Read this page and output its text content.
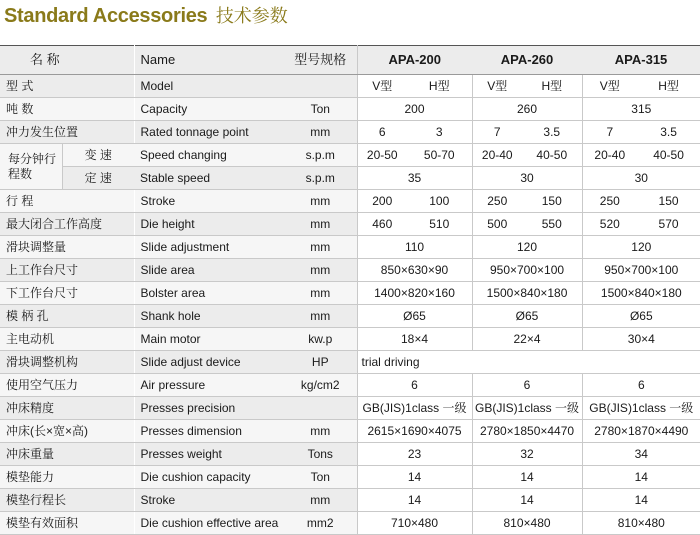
Standard Accessories 技术参数
名 称		Name	型号规格	APA-200		APA-260		APA-315	
型 式		Model		V型	H型	V型	H型	V型	H型
吨 数		Capacity	Ton	200		260		315	
冲力发生位置		Rated tonnage point	mm	6	3	7	3.5	7	3.5
每分钟行程数	变 速	Speed changing	s.p.m	20-50	50-70	20-40	40-50	20-40	40-50
	定 速	Stable speed	s.p.m	35		30		30	
行 程		Stroke	mm	200	100	250	150	250	150
最大闭合工作高度		Die height	mm	460	510	500	550	520	570
滑块调整量		Slide adjustment	mm	110		120		120	
上工作台尺寸		Slide area	mm	850×630×90		950×700×100		950×700×100	
下工作台尺寸		Bolster area	mm	1400×820×160		1500×840×180		1500×840×180	
模 柄 孔		Shank hole	mm	Ø65		Ø65		Ø65	
主电动机		Main motor	kw.p	18×4		22×4		30×4	
滑块调整机构		Slide adjust device	HP	trial driving					
使用空气压力		Air pressure	kg/cm2	6		6		6	
冲床精度		Presses precision		GB(JIS)1class 一级		GB(JIS)1class 一级		GB(JIS)1class 一级	
冲床(长×宽×高)		Presses dimension	mm	2615×1690×4075		2780×1850×4470		2780×1870×4490	
冲床重量		Presses weight	Tons	23		32		34	
模垫能力		Die cushion capacity	Ton	14		14		14	
模垫行程长		Stroke	mm	14		14		14	
模垫有效面积		Die cushion effective area	mm2	710×480		810×480		810×480	
